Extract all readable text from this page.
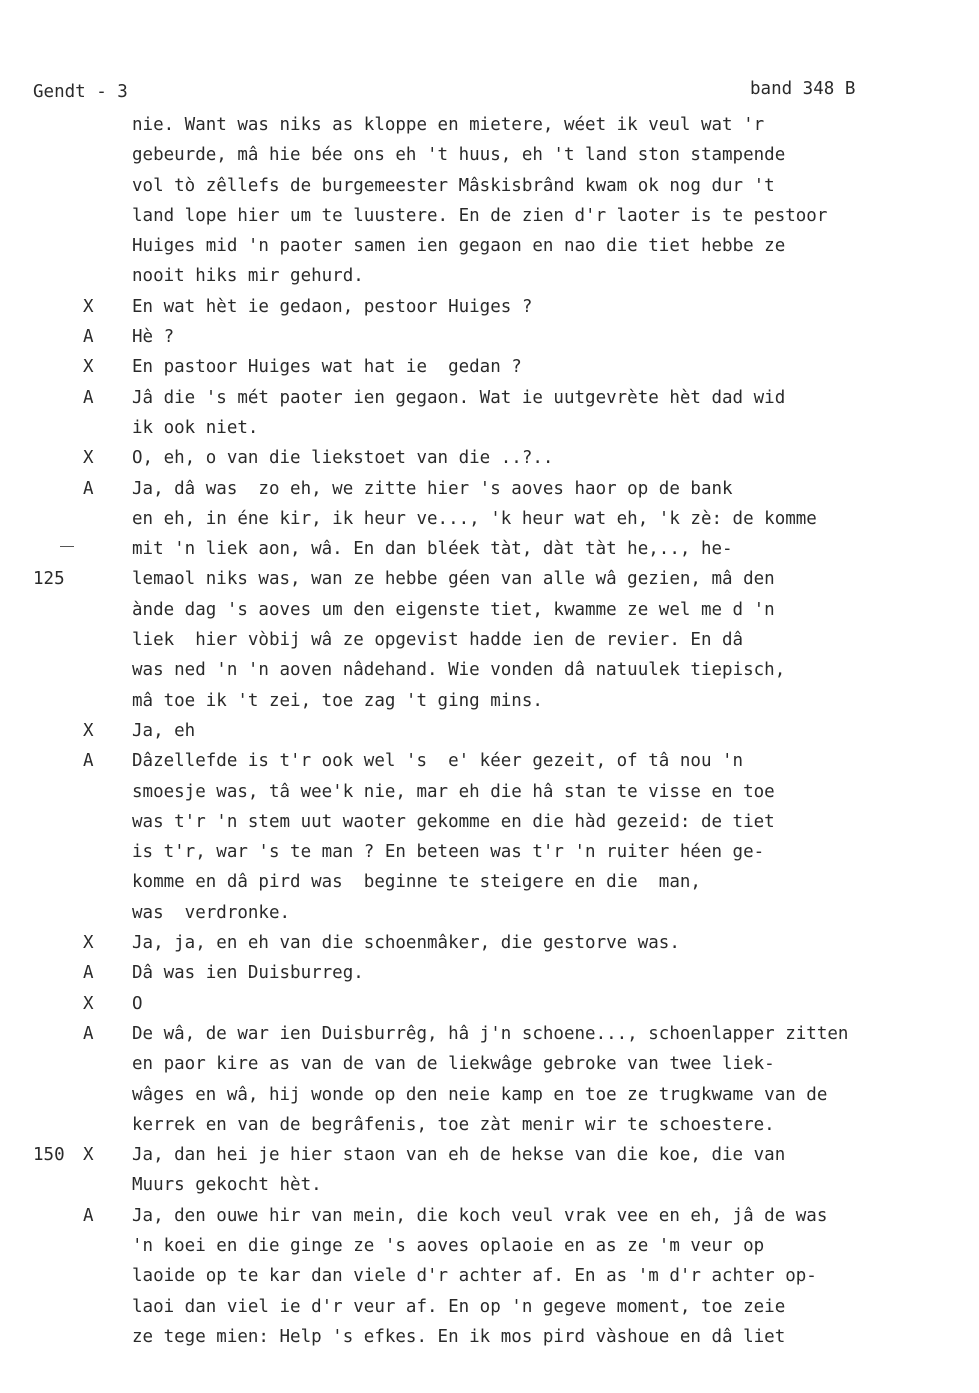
Gendt - 3	band 348 B
nie. Want was niks as kloppe en mietere, wéet ik veul wat 'r
gebeurde, mâ hie bée ons eh 't huus, eh 't land ston stampende
vol tò zêllefs de burgemeester Mâskisbrând kwam ok nog dur 't
land lope hier um te luustere. En de zien d'r laoter is te pestoor
Huiges mid 'n paoter samen ien gegaon en nao die tiet hebbe ze
nooit hiks mir gehurd.
X	En wat hèt ie gedaon, pestoor Huiges ?
A	Hè ?
X	En pastoor Huiges wat hat ie  gedan ?
A	Jâ die 's mét paoter ien gegaon. Wat ie uutgevrète hèt dad wid
ik ook niet.
X	O, eh, o van die liekstoet van die ..?..
A	Ja, dâ was  zo eh, we zitte hier 's aoves haor op de bank
en eh, in éne kir, ik heur ve..., 'k heur wat eh, 'k zè: de komme
mit 'n liek aon, wâ. En dan bléek tàt, dàt tàt he,.., he-
125	lemaol niks was, wan ze hebbe géen van alle wâ gezien, mâ den
ànde dag 's aoves um den eigenste tiet, kwamme ze wel me d 'n
liek  hier vòbij wâ ze opgevist hadde ien de revier. En dâ
was ned 'n 'n aoven nâdehand. Wie vonden dâ natuulek tiepisch,
mâ toe ik 't zei, toe zag 't ging mins.
X	Ja, eh
A	Dâzellefde is t'r ook wel 's  e' kéer gezeit, of tâ nou 'n
smoesje was, tâ wee'k nie, mar eh die hâ stan te visse en toe
was t'r 'n stem uut waoter gekomme en die hàd gezeid: de tiet
is t'r, war 's te man ? En beteen was t'r 'n ruiter héen ge-
komme en dâ pird was  beginne te steigere en die  man,
was  verdronke.
X	Ja, ja, en eh van die schoenmâker, die gestorve was.
A	Dâ was ien Duisburreg.
X	O
A	De wâ, de war ien Duisburrêg, hâ j'n schoene..., schoenlapper zitten
en paor kire as van de van de liekwâge gebroke van twee liek-
wâges en wâ, hij wonde op den neie kamp en toe ze trugkwame van de
kerrek en van de begrâfenis, toe zàt menir wir te schoestere.
150	X	Ja, dan hei je hier staon van eh de hekse van die koe, die van
Muurs gekocht hèt.
A	Ja, den ouwe hir van mein, die koch veul vrak vee en eh, jâ de was
'n koei en die ginge ze 's aoves oplaoie en as ze 'm veur op
laoide op te kar dan viele d'r achter af. En as 'm d'r achter op-
laoi dan viel ie d'r veur af. En op 'n gegeve moment, toe zeie
ze tege mien: Help 's efkes. En ik mos pird vàshoue en dâ liet
